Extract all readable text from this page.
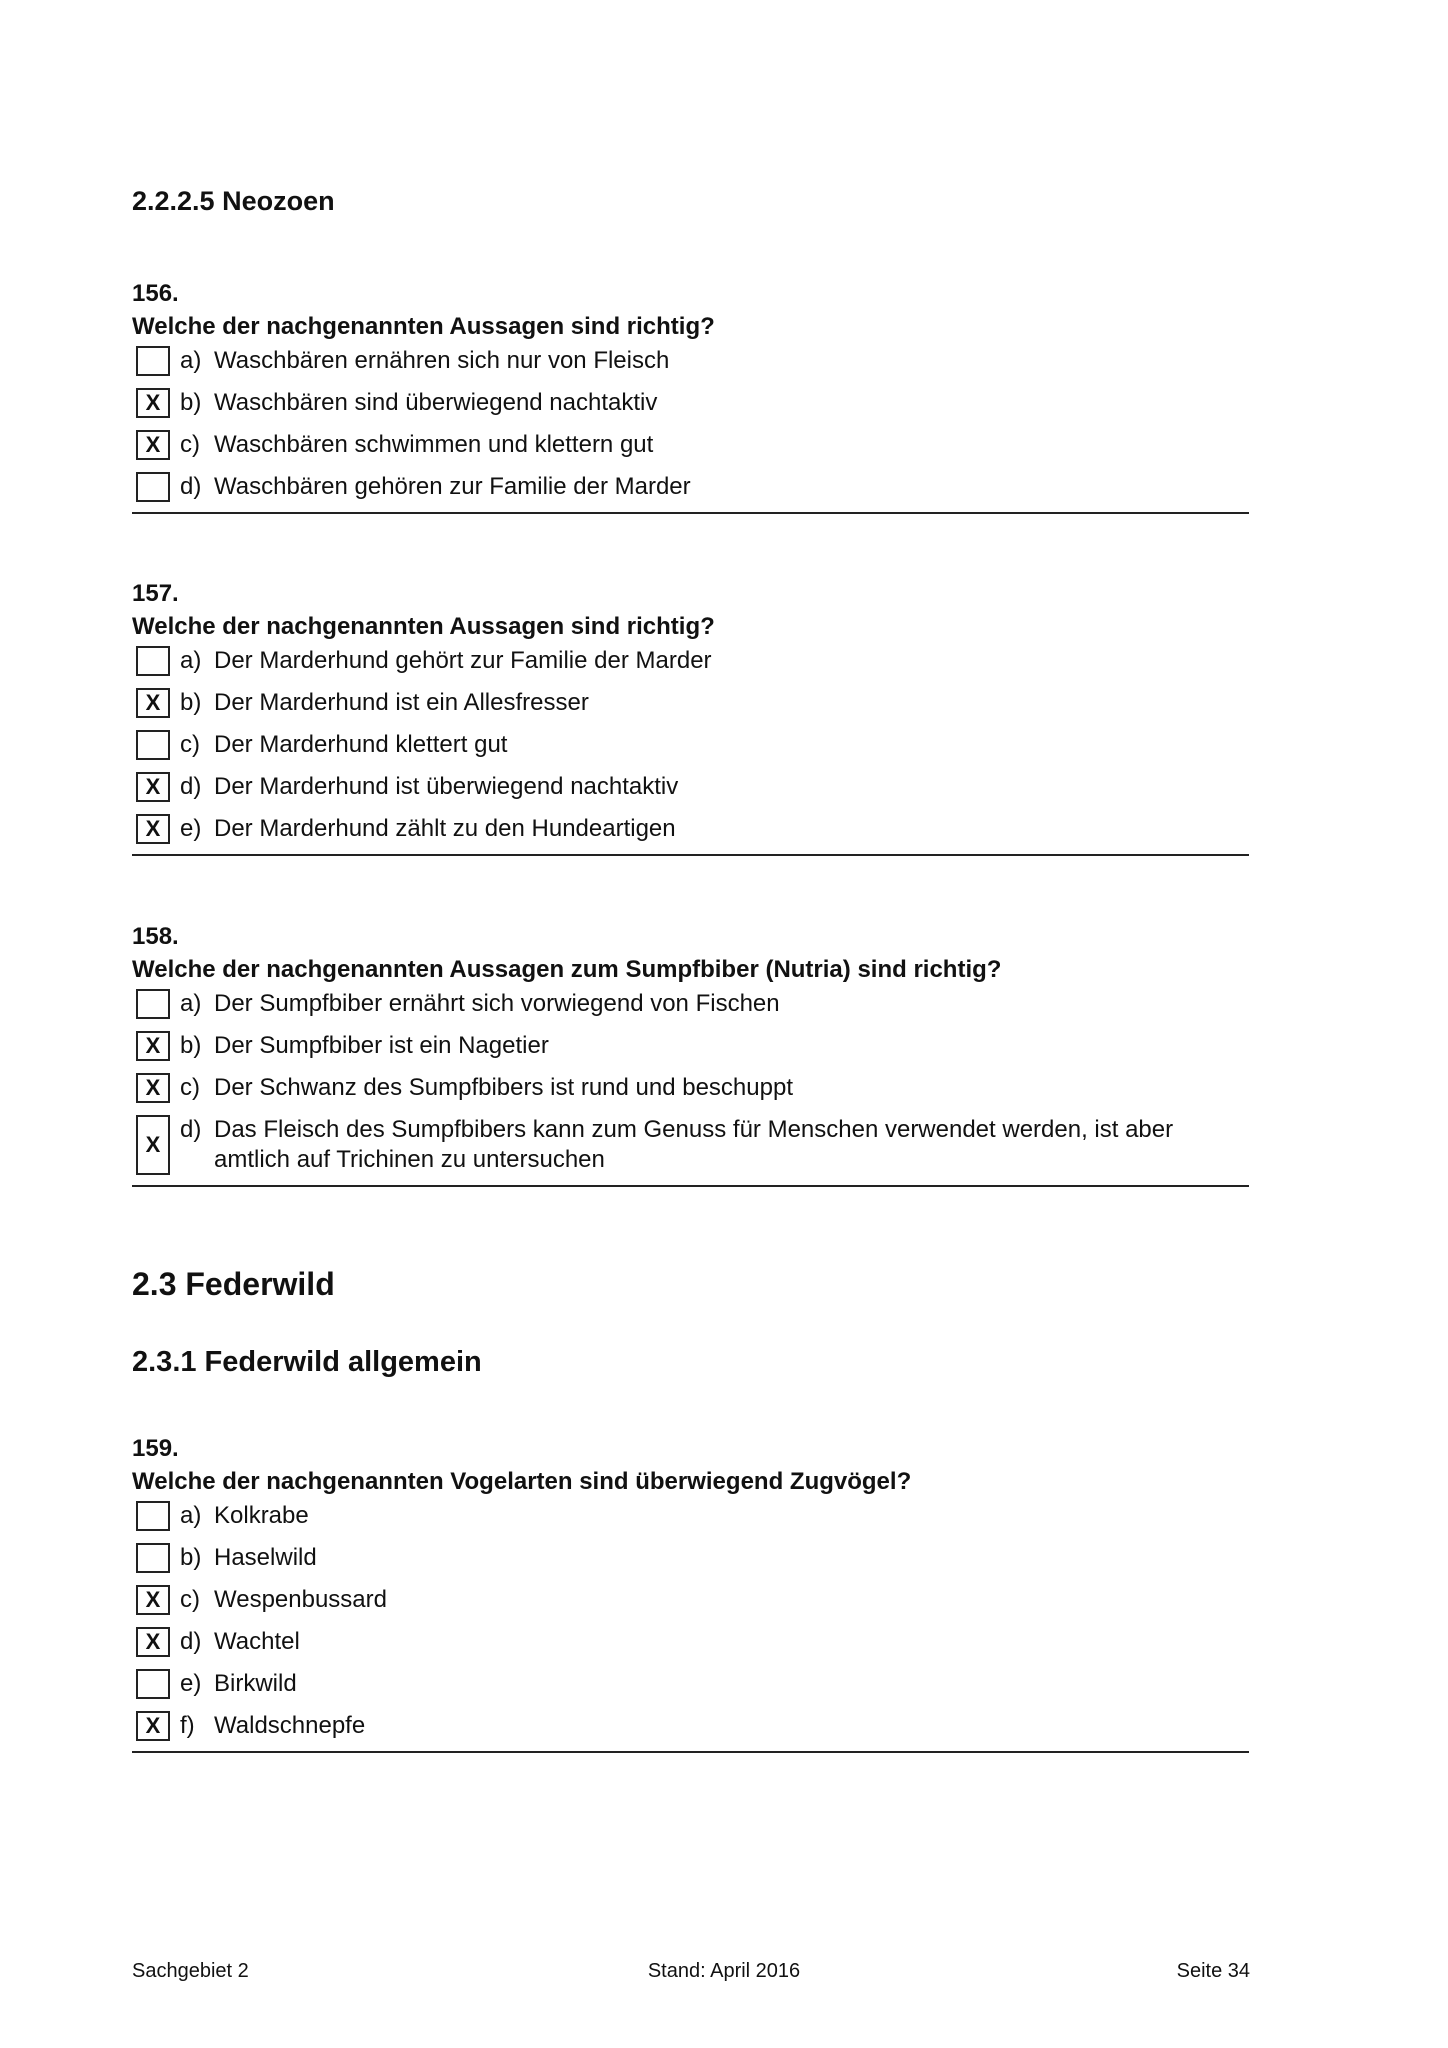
2.2.2.5 Neozoen
156.
Welche der nachgenannten Aussagen sind richtig?
a) Waschbären ernähren sich nur von Fleisch
X b) Waschbären sind überwiegend nachtaktiv
X c) Waschbären schwimmen und klettern gut
d) Waschbären gehören zur Familie der Marder
157.
Welche der nachgenannten Aussagen sind richtig?
a) Der Marderhund gehört zur Familie der Marder
X b) Der Marderhund ist ein Allesfresser
c) Der Marderhund klettert gut
X d) Der Marderhund ist überwiegend nachtaktiv
X e) Der Marderhund zählt zu den Hundeartigen
158.
Welche der nachgenannten Aussagen zum Sumpfbiber (Nutria) sind richtig?
a) Der Sumpfbiber ernährt sich vorwiegend von Fischen
X b) Der Sumpfbiber ist ein Nagetier
X c) Der Schwanz des Sumpfbibers ist rund und beschuppt
X
d) Das Fleisch des Sumpfbibers kann zum Genuss für Menschen verwendet werden, ist aber amtlich auf Trichinen zu untersuchen
2.3 Federwild
2.3.1 Federwild allgemein
159.
Welche der nachgenannten Vogelarten sind überwiegend Zugvögel?
a) Kolkrabe
b) Haselwild
X c) Wespenbussard
X d) Wachtel
e) Birkwild
X f) Waldschnepfe
Sachgebiet 2	Stand: April 2016	Seite 34
